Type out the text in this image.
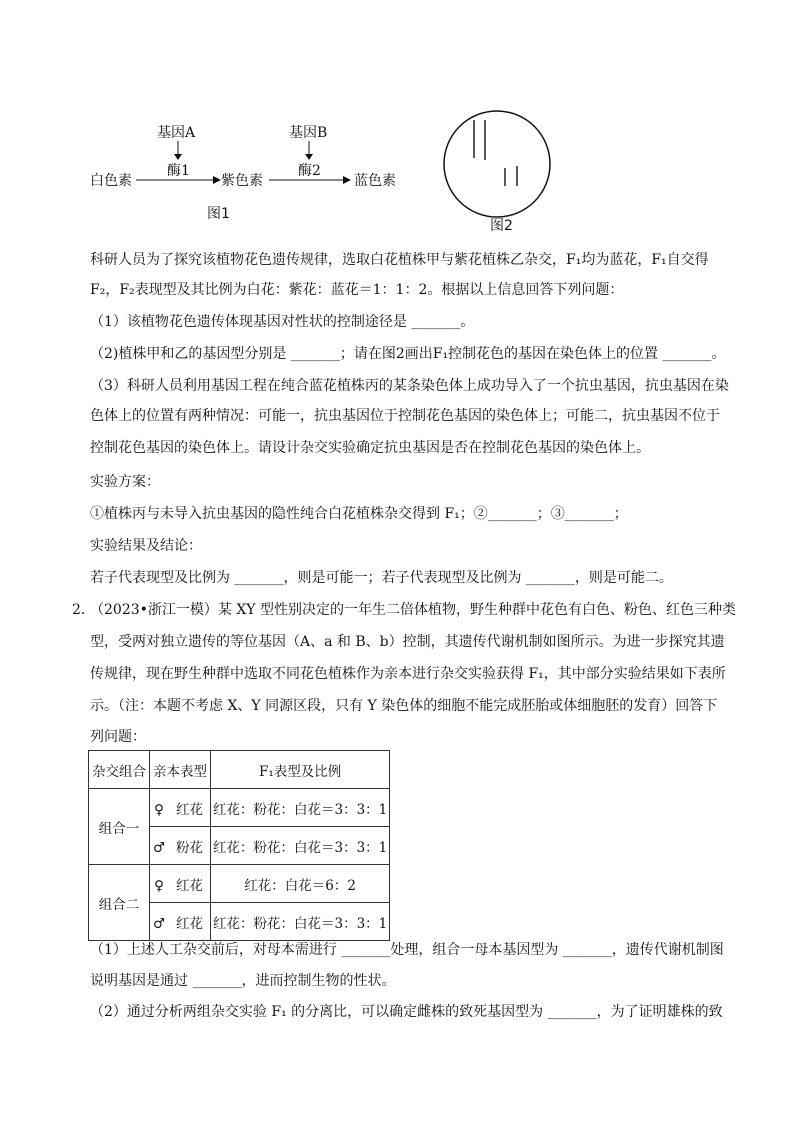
基因A	基因B
酶1	酶2
白色素	紫色素	蓝色素
图1
图2
科研人员为了探究该植物花色遗传规律，选取白花植株甲与紫花植株乙杂交，F₁均为蓝花，F₁自交得
F₂，F₂表现型及其比例为白花：紫花：蓝花＝1：1：2。根据以上信息回答下列问题：
（1）该植物花色遗传体现基因对性状的控制途径是 _______。
（2)植株甲和乙的基因型分别是 _______；请在图2画出F₁控制花色的基因在染色体上的位置 _______。
（3）科研人员利用基因工程在纯合蓝花植株丙的某条染色体上成功导入了一个抗虫基因，抗虫基因在染
色体上的位置有两种情况：可能一，抗虫基因位于控制花色基因的染色体上；可能二，抗虫基因不位于
控制花色基因的染色体上。请设计杂交实验确定抗虫基因是否在控制花色基因的染色体上。
实验方案：
①植株丙与未导入抗虫基因的隐性纯合白花植株杂交得到 F₁；②_______；③_______；
实验结果及结论：
若子代表现型及比例为 _______，则是可能一；若子代表现型及比例为 _______，则是可能二。
2．
（2023•浙江一模）某 XY 型性别决定的一年生二倍体植物，野生种群中花色有白色、粉色、红色三种类
型，受两对独立遗传的等位基因（A、a 和 B、b）控制，其遗传代谢机制如图所示。为进一步探究其遗
传规律，现在野生种群中选取不同花色植株作为亲本进行杂交实验获得 F₁，其中部分实验结果如下表所
示。（注：本题不考虑 X、Y 同源区段，只有 Y 染色体的细胞不能完成胚胎或体细胞胚的发育）回答下
列问题：
杂交组合	亲本表型	F₁表型及比例
组合一	♀ 红花	红花：粉花：白花＝3：3：1
	♂ 粉花	红花：粉花：白花＝3：3：1
组合二	♀ 红花	红花：白花＝6：2
	♂ 红花	红花：粉花：白花＝3：3：1
（1）上述人工杂交前后，对母本需进行 _______处理，组合一母本基因型为 _______，遗传代谢机制图
说明基因是通过 _______，进而控制生物的性状。
（2）通过分析两组杂交实验 F₁ 的分离比，可以确定雌株的致死基因型为 _______，为了证明雄株的致
